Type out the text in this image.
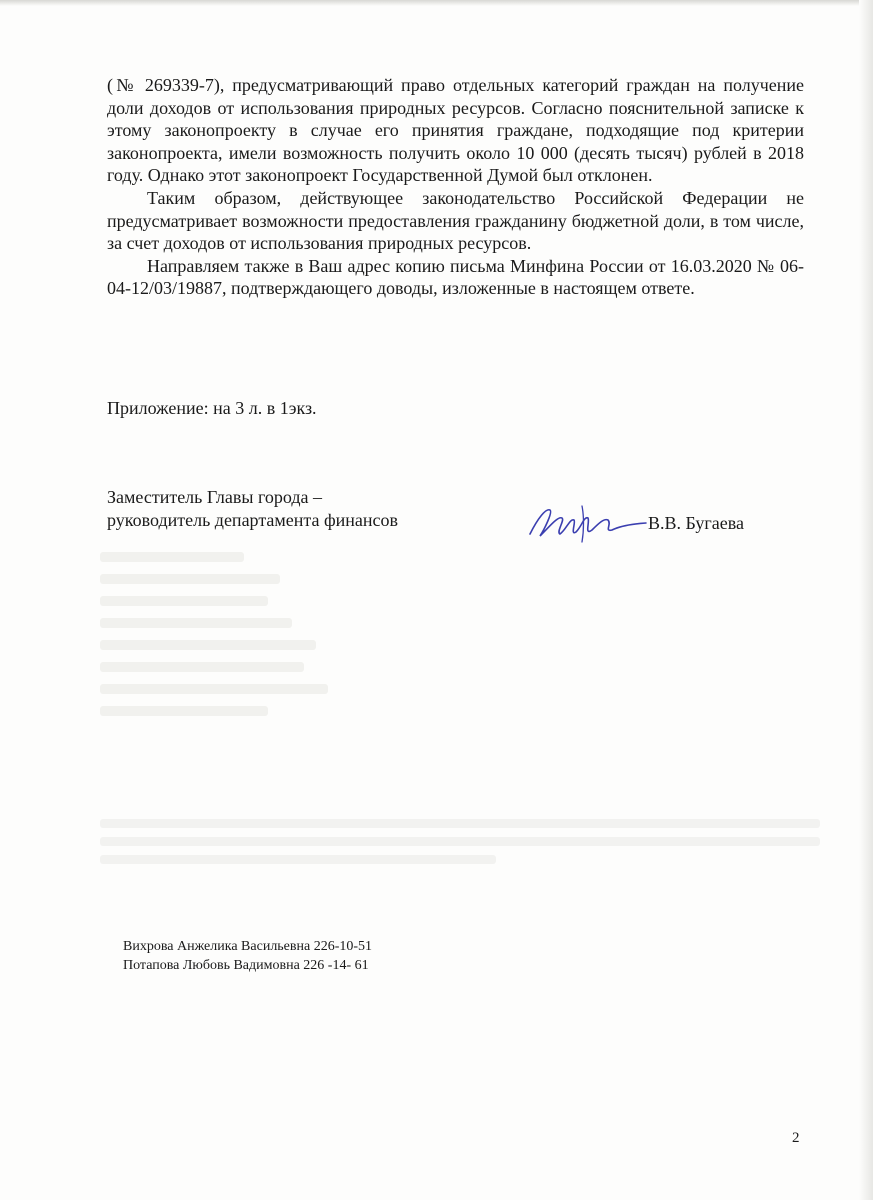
(№ 269339-7), предусматривающий право отдельных категорий граждан на получение доли доходов от использования природных ресурсов. Согласно пояснительной записке к этому законопроекту в случае его принятия граждане, подходящие под критерии законопроекта, имели возможность получить около 10 000 (десять тысяч) рублей в 2018 году. Однако этот законопроект Государственной Думой был отклонен.

Таким образом, действующее законодательство Российской Федерации не предусматривает возможности предоставления гражданину бюджетной доли, в том числе, за счет доходов от использования природных ресурсов.

Направляем также в Ваш адрес копию письма Минфина России от 16.03.2020 № 06-04-12/03/19887, подтверждающего доводы, изложенные в настоящем ответе.

Приложение: на 3 л. в 1экз.
Заместитель Главы города –
руководитель департамента финансов	В.В. Бугаева
Вихрова Анжелика Васильевна 226-10-51
Потапова Любовь Вадимовна 226 -14- 61
2
